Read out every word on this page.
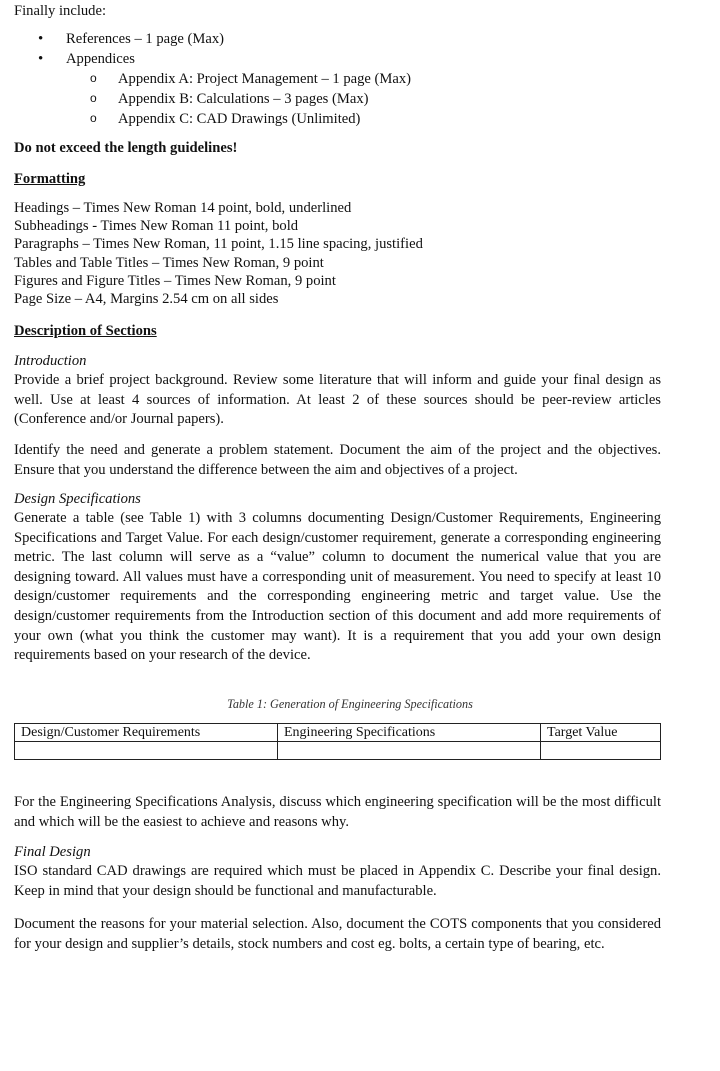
Finally include:
• References – 1 page (Max)
• Appendices
o Appendix A: Project Management – 1 page (Max)
o Appendix B: Calculations – 3 pages (Max)
o Appendix C: CAD Drawings (Unlimited)
Do not exceed the length guidelines!
Formatting
Headings – Times New Roman 14 point, bold, underlined
Subheadings - Times New Roman 11 point, bold
Paragraphs – Times New Roman, 11 point, 1.15 line spacing, justified
Tables and Table Titles – Times New Roman, 9 point
Figures and Figure Titles – Times New Roman, 9 point
Page Size – A4, Margins 2.54 cm on all sides
Description of Sections
Introduction
Provide a brief project background. Review some literature that will inform and guide your final design as well. Use at least 4 sources of information. At least 2 of these sources should be peer-review articles (Conference and/or Journal papers).
Identify the need and generate a problem statement. Document the aim of the project and the objectives. Ensure that you understand the difference between the aim and objectives of a project.
Design Specifications
Generate a table (see Table 1) with 3 columns documenting Design/Customer Requirements, Engineering Specifications and Target Value. For each design/customer requirement, generate a corresponding engineering metric. The last column will serve as a “value” column to document the numerical value that you are designing toward. All values must have a corresponding unit of measurement. You need to specify at least 10 design/customer requirements and the corresponding engineering metric and target value. Use the design/customer requirements from the Introduction section of this document and add more requirements of your own (what you think the customer may want). It is a requirement that you add your own design requirements based on your research of the device.
Table 1: Generation of Engineering Specifications
Design/Customer Requirements	Engineering Specifications	Target Value

For the Engineering Specifications Analysis, discuss which engineering specification will be the most difficult and which will be the easiest to achieve and reasons why.
Final Design
ISO standard CAD drawings are required which must be placed in Appendix C. Describe your final design. Keep in mind that your design should be functional and manufacturable.
Document the reasons for your material selection. Also, document the COTS components that you considered for your design and supplier’s details, stock numbers and cost eg. bolts, a certain type of bearing, etc.
